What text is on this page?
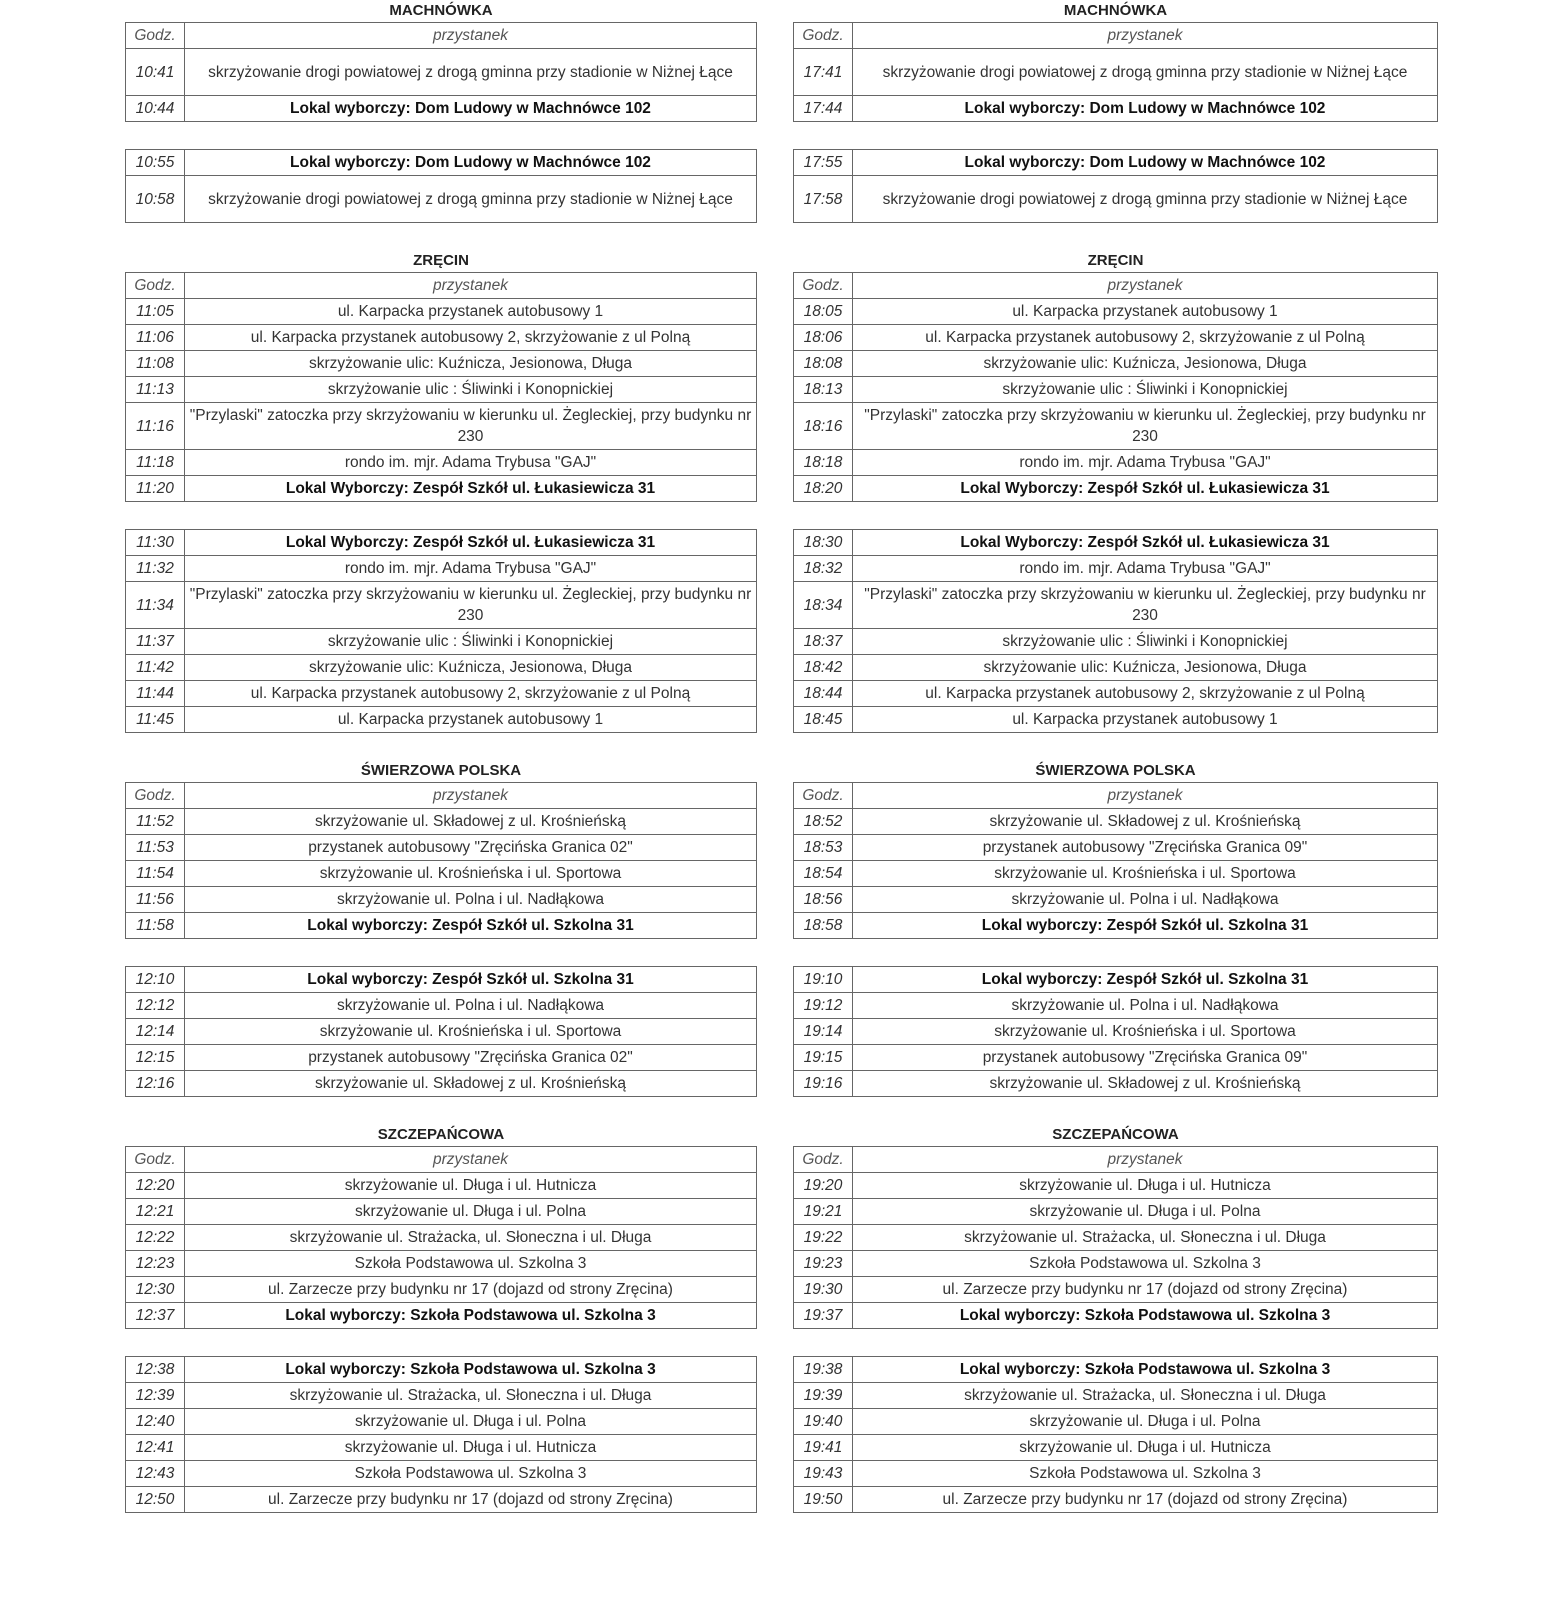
MACHNÓWKA
Godz.	przystanek
10:41	skrzyżowanie drogi powiatowej z drogą gminna przy stadionie w Niżnej Łące
10:44	Lokal wyborczy: Dom Ludowy w Machnówce 102
10:55	Lokal wyborczy: Dom Ludowy w Machnówce 102
10:58	skrzyżowanie drogi powiatowej z drogą gminna przy stadionie w Niżnej Łące
ZRĘCIN
Godz.	przystanek
11:05	ul. Karpacka przystanek autobusowy 1
11:06	ul. Karpacka przystanek autobusowy 2, skrzyżowanie z ul Polną
11:08	skrzyżowanie ulic: Kuźnicza, Jesionowa, Długa
11:13	skrzyżowanie ulic : Śliwinki i Konopnickiej
11:16	"Przylaski" zatoczka przy skrzyżowaniu w kierunku ul. Żegleckiej, przy budynku nr 230
11:18	rondo im. mjr. Adama Trybusa "GAJ"
11:20	Lokal Wyborczy: Zespół Szkół ul. Łukasiewicza 31
11:30	Lokal Wyborczy: Zespół Szkół ul. Łukasiewicza 31
11:32	rondo im. mjr. Adama Trybusa "GAJ"
11:34	"Przylaski" zatoczka przy skrzyżowaniu w kierunku ul. Żegleckiej, przy budynku nr 230
11:37	skrzyżowanie ulic : Śliwinki i Konopnickiej
11:42	skrzyżowanie ulic: Kuźnicza, Jesionowa, Długa
11:44	ul. Karpacka przystanek autobusowy 2, skrzyżowanie z ul Polną
11:45	ul. Karpacka przystanek autobusowy 1
ŚWIERZOWA POLSKA
Godz.	przystanek
11:52	skrzyżowanie ul. Składowej z ul. Krośnieńską
11:53	przystanek autobusowy "Zręcińska Granica 02"
11:54	skrzyżowanie ul. Krośnieńska i ul. Sportowa
11:56	skrzyżowanie ul. Polna i ul. Nadłąkowa
11:58	Lokal wyborczy: Zespół Szkół ul. Szkolna 31
12:10	Lokal wyborczy: Zespół Szkół ul. Szkolna 31
12:12	skrzyżowanie ul. Polna i ul. Nadłąkowa
12:14	skrzyżowanie ul. Krośnieńska i ul. Sportowa
12:15	przystanek autobusowy "Zręcińska Granica 02"
12:16	skrzyżowanie ul. Składowej z ul. Krośnieńską
SZCZEPAŃCOWA
Godz.	przystanek
12:20	skrzyżowanie ul. Długa i ul. Hutnicza
12:21	skrzyżowanie ul. Długa i ul. Polna
12:22	skrzyżowanie ul. Strażacka, ul. Słoneczna i ul. Długa
12:23	Szkoła Podstawowa ul. Szkolna 3
12:30	ul. Zarzecze przy budynku nr 17 (dojazd od strony Zręcina)
12:37	Lokal wyborczy: Szkoła Podstawowa ul. Szkolna 3
12:38	Lokal wyborczy: Szkoła Podstawowa ul. Szkolna 3
12:39	skrzyżowanie ul. Strażacka, ul. Słoneczna i ul. Długa
12:40	skrzyżowanie ul. Długa i ul. Polna
12:41	skrzyżowanie ul. Długa i ul. Hutnicza
12:43	Szkoła Podstawowa ul. Szkolna 3
12:50	ul. Zarzecze przy budynku nr 17 (dojazd od strony Zręcina)
MACHNÓWKA
Godz.	przystanek
17:41	skrzyżowanie drogi powiatowej z drogą gminna przy stadionie w Niżnej Łące
17:44	Lokal wyborczy: Dom Ludowy w Machnówce 102
17:55	Lokal wyborczy: Dom Ludowy w Machnówce 102
17:58	skrzyżowanie drogi powiatowej z drogą gminna przy stadionie w Niżnej Łące
ZRĘCIN
Godz.	przystanek
18:05	ul. Karpacka przystanek autobusowy 1
18:06	ul. Karpacka przystanek autobusowy 2, skrzyżowanie z ul Polną
18:08	skrzyżowanie ulic: Kuźnicza, Jesionowa, Długa
18:13	skrzyżowanie ulic : Śliwinki i Konopnickiej
18:16	"Przylaski" zatoczka przy skrzyżowaniu w kierunku ul. Żegleckiej, przy budynku nr 230
18:18	rondo im. mjr. Adama Trybusa "GAJ"
18:20	Lokal Wyborczy: Zespół Szkół ul. Łukasiewicza 31
18:30	Lokal Wyborczy: Zespół Szkół ul. Łukasiewicza 31
18:32	rondo im. mjr. Adama Trybusa "GAJ"
18:34	"Przylaski" zatoczka przy skrzyżowaniu w kierunku ul. Żegleckiej, przy budynku nr 230
18:37	skrzyżowanie ulic : Śliwinki i Konopnickiej
18:42	skrzyżowanie ulic: Kuźnicza, Jesionowa, Długa
18:44	ul. Karpacka przystanek autobusowy 2, skrzyżowanie z ul Polną
18:45	ul. Karpacka przystanek autobusowy 1
ŚWIERZOWA POLSKA
Godz.	przystanek
18:52	skrzyżowanie ul. Składowej z ul. Krośnieńską
18:53	przystanek autobusowy "Zręcińska Granica 09"
18:54	skrzyżowanie ul. Krośnieńska i ul. Sportowa
18:56	skrzyżowanie ul. Polna i ul. Nadłąkowa
18:58	Lokal wyborczy: Zespół Szkół ul. Szkolna 31
19:10	Lokal wyborczy: Zespół Szkół ul. Szkolna 31
19:12	skrzyżowanie ul. Polna i ul. Nadłąkowa
19:14	skrzyżowanie ul. Krośnieńska i ul. Sportowa
19:15	przystanek autobusowy "Zręcińska Granica 09"
19:16	skrzyżowanie ul. Składowej z ul. Krośnieńską
SZCZEPAŃCOWA
Godz.	przystanek
19:20	skrzyżowanie ul. Długa i ul. Hutnicza
19:21	skrzyżowanie ul. Długa i ul. Polna
19:22	skrzyżowanie ul. Strażacka, ul. Słoneczna i ul. Długa
19:23	Szkoła Podstawowa ul. Szkolna 3
19:30	ul. Zarzecze przy budynku nr 17 (dojazd od strony Zręcina)
19:37	Lokal wyborczy: Szkoła Podstawowa ul. Szkolna 3
19:38	Lokal wyborczy: Szkoła Podstawowa ul. Szkolna 3
19:39	skrzyżowanie ul. Strażacka, ul. Słoneczna i ul. Długa
19:40	skrzyżowanie ul. Długa i ul. Polna
19:41	skrzyżowanie ul. Długa i ul. Hutnicza
19:43	Szkoła Podstawowa ul. Szkolna 3
19:50	ul. Zarzecze przy budynku nr 17 (dojazd od strony Zręcina)
